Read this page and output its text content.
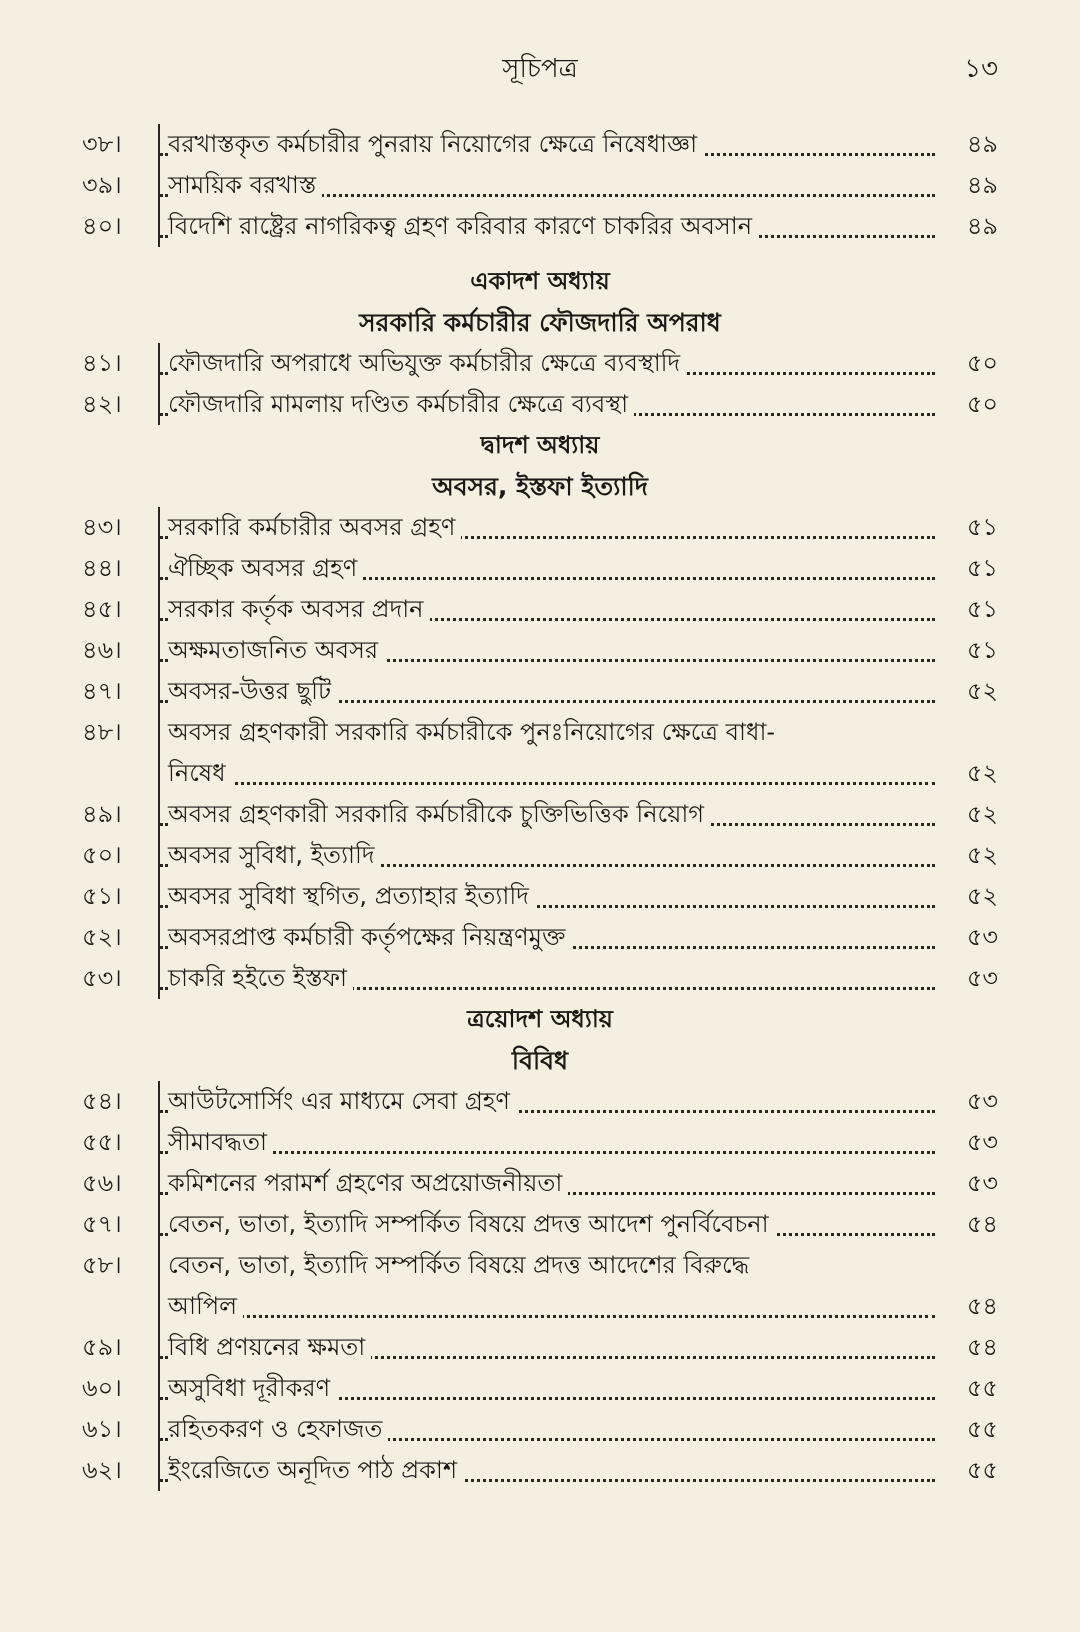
সূচিপত্র	১৩
৩৮।	বরখাস্তকৃত কর্মচারীর পুনরায় নিয়োগের ক্ষেত্রে নিষেধাজ্ঞা	৪৯
৩৯।	সাময়িক বরখাস্ত	৪৯
৪০।	বিদেশি রাষ্ট্রের নাগরিকত্ব গ্রহণ করিবার কারণে চাকরির অবসান	৪৯
একাদশ অধ্যায়
সরকারি কর্মচারীর ফৌজদারি অপরাধ
৪১।	ফৌজদারি অপরাধে অভিযুক্ত কর্মচারীর ক্ষেত্রে ব্যবস্থাদি	৫০
৪২।	ফৌজদারি মামলায় দণ্ডিত কর্মচারীর ক্ষেত্রে ব্যবস্থা	৫০
দ্বাদশ অধ্যায়
অবসর, ইস্তফা ইত্যাদি
৪৩।	সরকারি কর্মচারীর অবসর গ্রহণ	৫১
৪৪।	ঐচ্ছিক অবসর গ্রহণ	৫১
৪৫।	সরকার কর্তৃক অবসর প্রদান	৫১
৪৬।	অক্ষমতাজনিত অবসর	৫১
৪৭।	অবসর-উত্তর ছুটি	৫২
৪৮।	অবসর গ্রহণকারী সরকারি কর্মচারীকে পুনঃনিয়োগের ক্ষেত্রে বাধা-
নিষেধ	৫২
৪৯।	অবসর গ্রহণকারী সরকারি কর্মচারীকে চুক্তিভিত্তিক নিয়োগ	৫২
৫০।	অবসর সুবিধা, ইত্যাদি	৫২
৫১।	অবসর সুবিধা স্থগিত, প্রত্যাহার ইত্যাদি	৫২
৫২।	অবসরপ্রাপ্ত কর্মচারী কর্তৃপক্ষের নিয়ন্ত্রণমুক্ত	৫৩
৫৩।	চাকরি হইতে ইস্তফা	৫৩
ত্রয়োদশ অধ্যায়
বিবিধ
৫৪।	আউটসোর্সিং এর মাধ্যমে সেবা গ্রহণ	৫৩
৫৫।	সীমাবদ্ধতা	৫৩
৫৬।	কমিশনের পরামর্শ গ্রহণের অপ্রয়োজনীয়তা	৫৩
৫৭।	বেতন, ভাতা, ইত্যাদি সম্পর্কিত বিষয়ে প্রদত্ত আদেশ পুনর্বিবেচনা	৫৪
৫৮।	বেতন, ভাতা, ইত্যাদি সম্পর্কিত বিষয়ে প্রদত্ত আদেশের বিরুদ্ধে
আপিল	৫৪
৫৯।	বিধি প্রণয়নের ক্ষমতা	৫৪
৬০।	অসুবিধা দূরীকরণ	৫৫
৬১।	রহিতকরণ ও হেফাজত	৫৫
৬২।	ইংরেজিতে অনূদিত পাঠ প্রকাশ	৫৫
